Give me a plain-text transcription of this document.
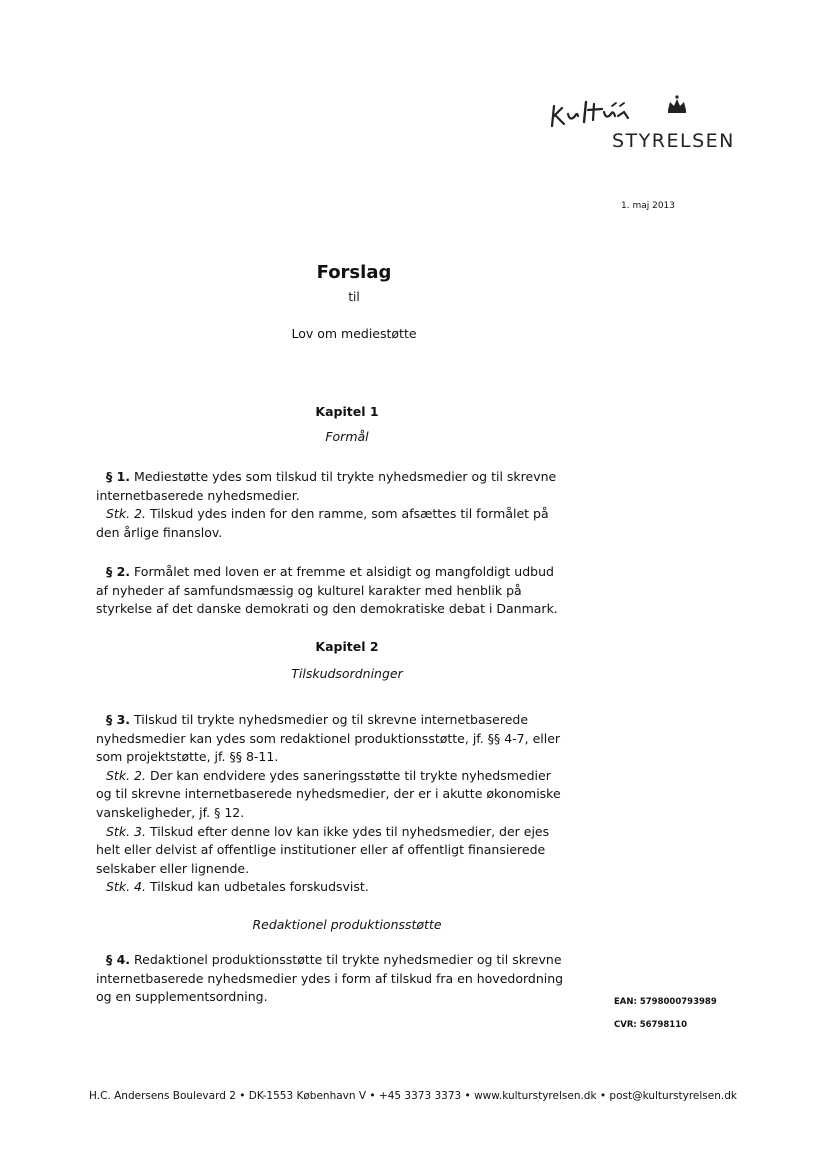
STYRELSEN
1. maj 2013
Forslag
til
Lov om mediestøtte
Kapitel 1
Formål
§ 1. Mediestøtte ydes som tilskud til trykte nyhedsmedier og til skrevne
internetbaserede nyhedsmedier.
Stk. 2. Tilskud ydes inden for den ramme, som afsættes til formålet på
den årlige finanslov.
§ 2. Formålet med loven er at fremme et alsidigt og mangfoldigt udbud
af nyheder af samfundsmæssig og kulturel karakter med henblik på
styrkelse af det danske demokrati og den demokratiske debat i Danmark.
Kapitel 2
Tilskudsordninger
§ 3. Tilskud til trykte nyhedsmedier og til skrevne internetbaserede
nyhedsmedier kan ydes som redaktionel produktionsstøtte, jf. §§ 4-7, eller
som projektstøtte, jf. §§ 8-11.
Stk. 2. Der kan endvidere ydes saneringsstøtte til trykte nyhedsmedier
og til skrevne internetbaserede nyhedsmedier, der er i akutte økonomiske
vanskeligheder, jf. § 12.
Stk. 3. Tilskud efter denne lov kan ikke ydes til nyhedsmedier, der ejes
helt eller delvist af offentlige institutioner eller af offentligt finansierede
selskaber eller lignende.
Stk. 4. Tilskud kan udbetales forskudsvist.
Redaktionel produktionsstøtte
§ 4. Redaktionel produktionsstøtte til trykte nyhedsmedier og til skrevne
internetbaserede nyhedsmedier ydes i form af tilskud fra en hovedordning
og en supplementsordning.	EAN: 5798000793989
CVR: 56798110
H.C. Andersens Boulevard 2 • DK-1553 København V • +45 3373 3373 • www.kulturstyrelsen.dk • post@kulturstyrelsen.dk
